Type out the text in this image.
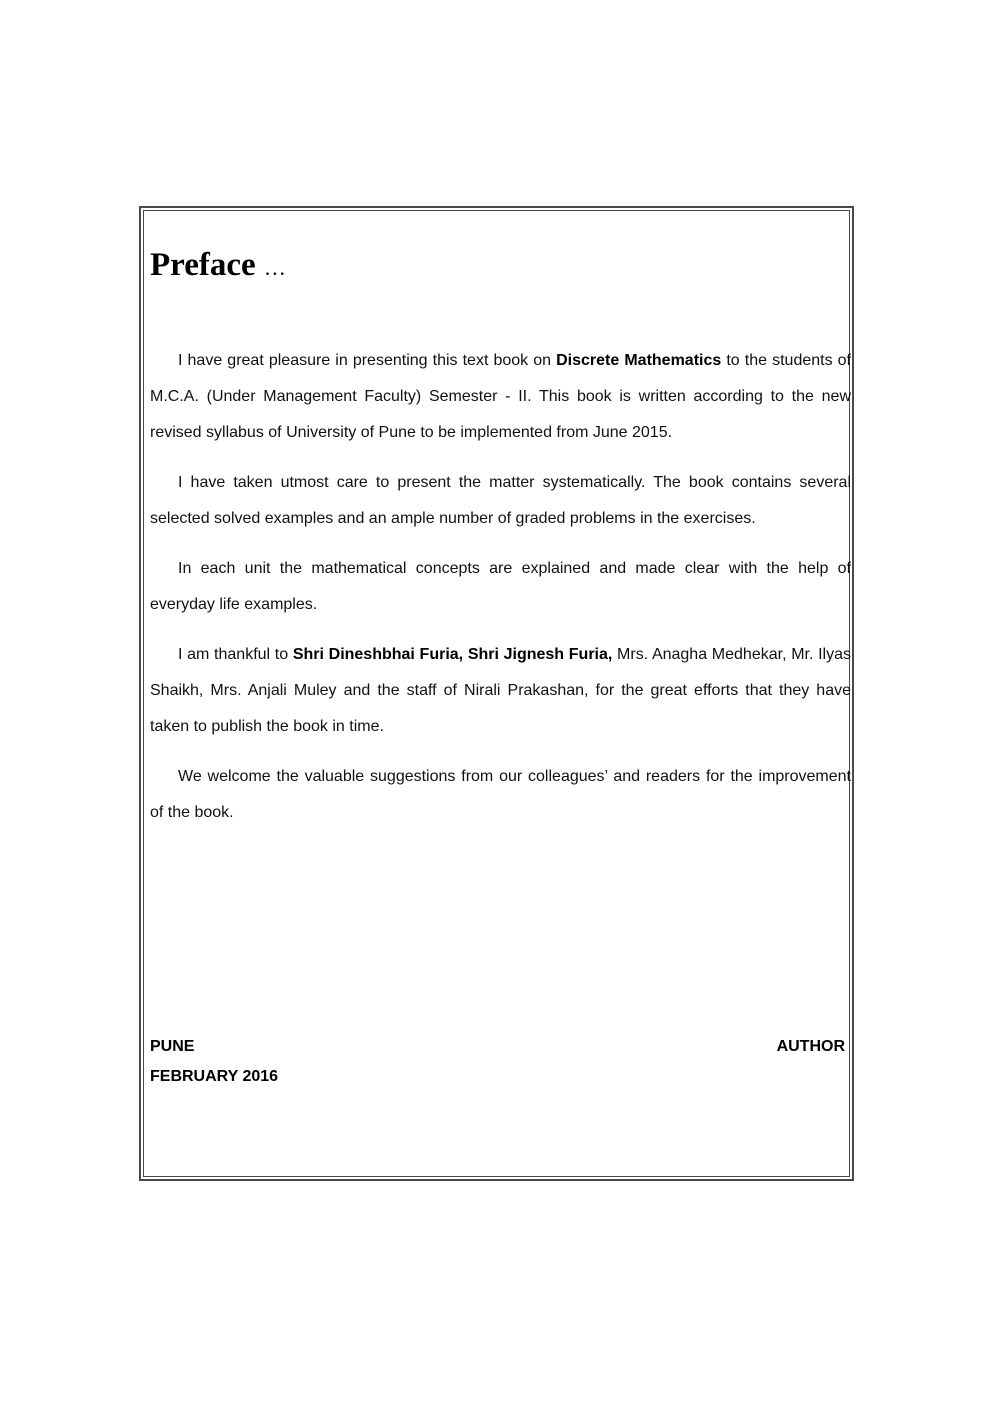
Preface …

I have great pleasure in presenting this text book on Discrete Mathematics to the students of M.C.A. (Under Management Faculty) Semester - II. This book is written according to the new revised syllabus of University of Pune to be implemented from June 2015.

I have taken utmost care to present the matter systematically. The book contains several selected solved examples and an ample number of graded problems in the exercises.

In each unit the mathematical concepts are explained and made clear with the help of everyday life examples.

I am thankful to Shri Dineshbhai Furia, Shri Jignesh Furia, Mrs. Anagha Medhekar, Mr. Ilyas Shaikh, Mrs. Anjali Muley and the staff of Nirali Prakashan, for the great efforts that they have taken to publish the book in time.

We welcome the valuable suggestions from our colleagues’ and readers for the improvement of the book.

PUNE	AUTHOR
FEBRUARY 2016
